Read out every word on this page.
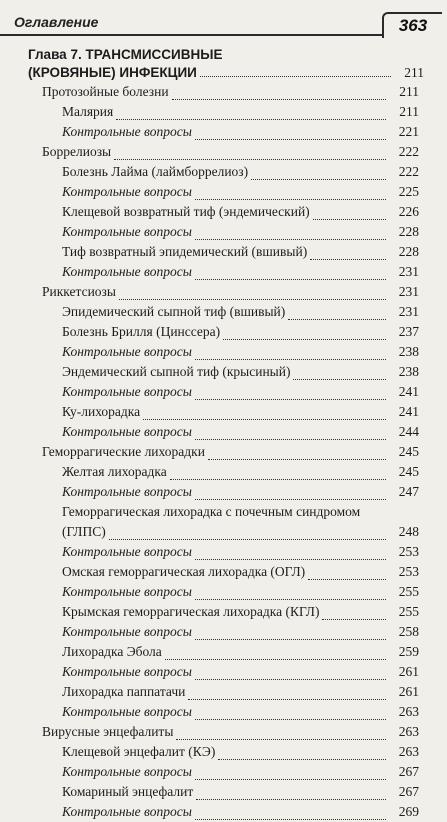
Оглавление	363
Глава 7. ТРАНСМИССИВНЫЕ
(КРОВЯНЫЕ) ИНФЕКЦИИ	211
Протозойные болезни	211
Малярия	211
Контрольные вопросы	221
Боррелиозы	222
Болезнь Лайма (лаймборрелиоз)	222
Контрольные вопросы	225
Клещевой возвратный тиф (эндемический)	226
Контрольные вопросы	228
Тиф возвратный эпидемический (вшивый)	228
Контрольные вопросы	231
Риккетсиозы	231
Эпидемический сыпной тиф (вшивый)	231
Болезнь Брилля (Цинссера)	237
Контрольные вопросы	238
Эндемический сыпной тиф (крысиный)	238
Контрольные вопросы	241
Ку-лихорадка	241
Контрольные вопросы	244
Геморрагические лихорадки	245
Желтая лихорадка	245
Контрольные вопросы	247
Геморрагическая лихорадка с почечным синдромом
(ГЛПС)	248
Контрольные вопросы	253
Омская геморрагическая лихорадка (ОГЛ)	253
Контрольные вопросы	255
Крымская геморрагическая лихорадка (КГЛ)	255
Контрольные вопросы	258
Лихорадка Эбола	259
Контрольные вопросы	261
Лихорадка паппатачи	261
Контрольные вопросы	263
Вирусные энцефалиты	263
Клещевой энцефалит (КЭ)	263
Контрольные вопросы	267
Комариный энцефалит	267
Контрольные вопросы	269
